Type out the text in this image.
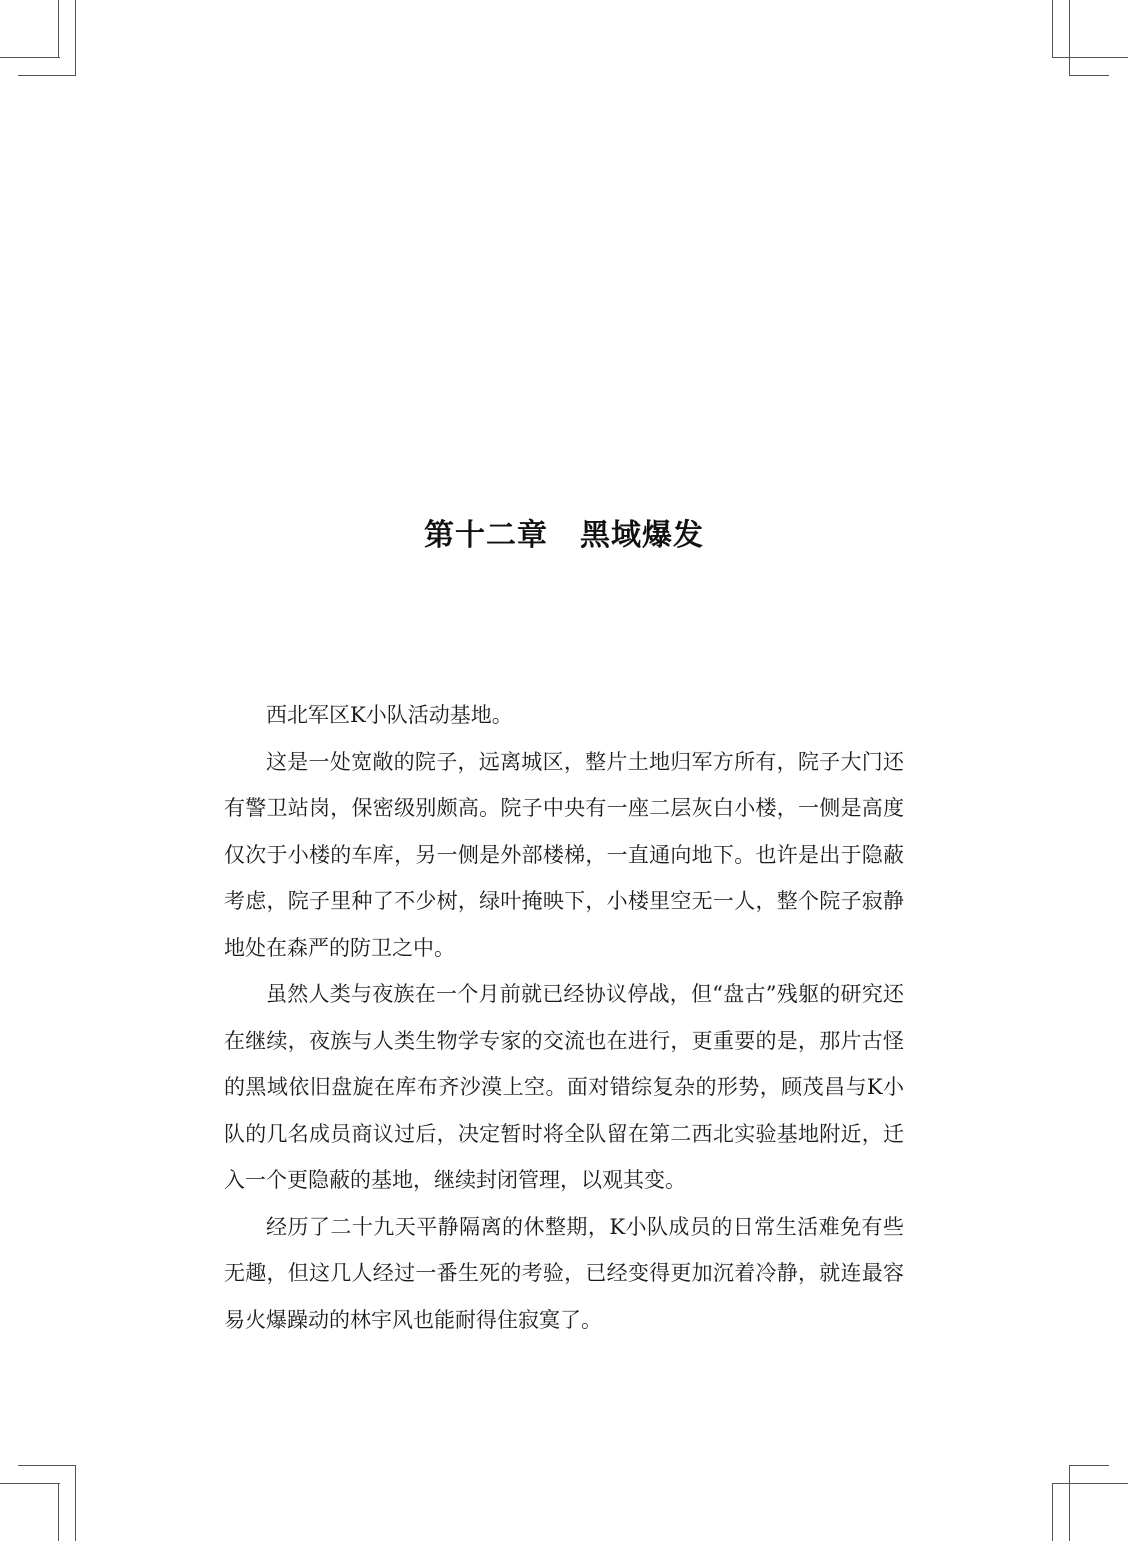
第十二章 黑域爆发

西北军区K小队活动基地。

这是一处宽敞的院子，远离城区，整片土地归军方所有，院子大门还有警卫站岗，保密级别颇高。院子中央有一座二层灰白小楼，一侧是高度仅次于小楼的车库，另一侧是外部楼梯，一直通向地下。也许是出于隐蔽考虑，院子里种了不少树，绿叶掩映下，小楼里空无一人，整个院子寂静地处在森严的防卫之中。

虽然人类与夜族在一个月前就已经协议停战，但“盘古”残躯的研究还在继续，夜族与人类生物学专家的交流也在进行，更重要的是，那片古怪的黑域依旧盘旋在库布齐沙漠上空。面对错综复杂的形势，顾茂昌与K小队的几名成员商议过后，决定暂时将全队留在第二西北实验基地附近，迁入一个更隐蔽的基地，继续封闭管理，以观其变。

经历了二十九天平静隔离的休整期，K小队成员的日常生活难免有些无趣，但这几人经过一番生死的考验，已经变得更加沉着冷静，就连最容易火爆躁动的林宇风也能耐得住寂寞了。
